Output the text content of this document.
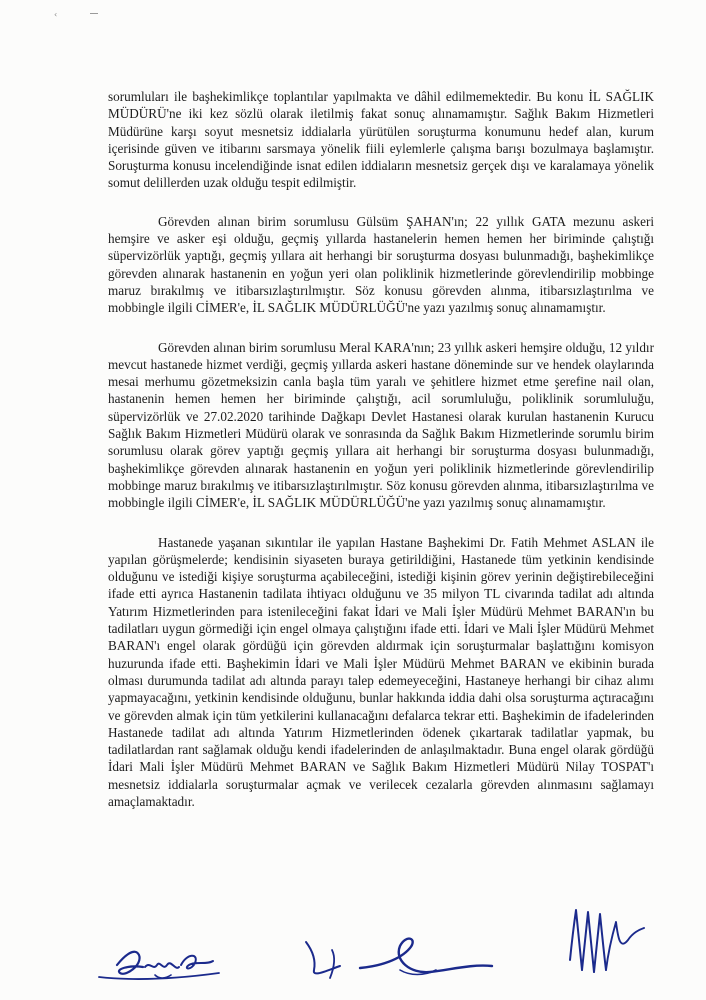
‹

sorumluları ile başhekimlikçe toplantılar yapılmakta ve dâhil edilmemektedir. Bu konu İL SAĞLIK MÜDÜRÜ'ne iki kez sözlü olarak iletilmiş fakat sonuç alınamamıştır. Sağlık Bakım Hizmetleri Müdürüne karşı soyut mesnetsiz iddialarla yürütülen soruşturma konumunu hedef alan, kurum içerisinde güven ve itibarını sarsmaya yönelik fiili eylemlerle çalışma barışı bozulmaya başlamıştır. Soruşturma konusu incelendiğinde isnat edilen iddiaların mesnetsiz gerçek dışı ve karalamaya yönelik somut delillerden uzak olduğu tespit edilmiştir.

Görevden alınan birim sorumlusu Gülsüm ŞAHAN'ın; 22 yıllık GATA mezunu askeri hemşire ve asker eşi olduğu, geçmiş yıllarda hastanelerin hemen hemen her biriminde çalıştığı süpervizörlük yaptığı, geçmiş yıllara ait herhangi bir soruşturma dosyası bulunmadığı, başhekimlikçe görevden alınarak hastanenin en yoğun yeri olan poliklinik hizmetlerinde görevlendirilip mobbinge maruz bırakılmış ve itibarsızlaştırılmıştır. Söz konusu görevden alınma, itibarsızlaştırılma ve mobbingle ilgili CİMER'e, İL SAĞLIK MÜDÜRLÜĞÜ'ne yazı yazılmış sonuç alınamamıştır.

Görevden alınan birim sorumlusu Meral KARA'nın; 23 yıllık askeri hemşire olduğu, 12 yıldır mevcut hastanede hizmet verdiği, geçmiş yıllarda askeri hastane döneminde sur ve hendek olaylarında mesai merhumu gözetmeksizin canla başla tüm yaralı ve şehitlere hizmet etme şerefine nail olan, hastanenin hemen hemen her biriminde çalıştığı, acil sorumluluğu, poliklinik sorumluluğu, süpervizörlük ve 27.02.2020 tarihinde Dağkapı Devlet Hastanesi olarak kurulan hastanenin Kurucu Sağlık Bakım Hizmetleri Müdürü olarak ve sonrasında da Sağlık Bakım Hizmetlerinde sorumlu birim sorumlusu olarak görev yaptığı geçmiş yıllara ait herhangi bir soruşturma dosyası bulunmadığı, başhekimlikçe görevden alınarak hastanenin en yoğun yeri poliklinik hizmetlerinde görevlendirilip mobbinge maruz bırakılmış ve itibarsızlaştırılmıştır. Söz konusu görevden alınma, itibarsızlaştırılma ve mobbingle ilgili CİMER'e, İL SAĞLIK MÜDÜRLÜĞÜ'ne yazı yazılmış sonuç alınamamıştır.

Hastanede yaşanan sıkıntılar ile yapılan Hastane Başhekimi Dr. Fatih Mehmet ASLAN ile yapılan görüşmelerde; kendisinin siyaseten buraya getirildiğini, Hastanede tüm yetkinin kendisinde olduğunu ve istediği kişiye soruşturma açabileceğini, istediği kişinin görev yerinin değiştirebileceğini ifade etti ayrıca Hastanenin tadilata ihtiyacı olduğunu ve 35 milyon TL civarında tadilat adı altında Yatırım Hizmetlerinden para istenileceğini fakat İdari ve Mali İşler Müdürü Mehmet BARAN'ın bu tadilatları uygun görmediği için engel olmaya çalıştığını ifade etti. İdari ve Mali İşler Müdürü Mehmet BARAN'ı engel olarak gördüğü için görevden aldırmak için soruşturmalar başlattığını komisyon huzurunda ifade etti. Başhekimin İdari ve Mali İşler Müdürü Mehmet BARAN ve ekibinin burada olması durumunda tadilat adı altında parayı talep edemeyeceğini, Hastaneye herhangi bir cihaz alımı yapmayacağını, yetkinin kendisinde olduğunu, bunlar hakkında iddia dahi olsa soruşturma açtıracağını ve görevden almak için tüm yetkilerini kullanacağını defalarca tekrar etti. Başhekimin de ifadelerinden Hastanede tadilat adı altında Yatırım Hizmetlerinden ödenek çıkartarak tadilatlar yapmak, bu tadilatlardan rant sağlamak olduğu kendi ifadelerinden de anlaşılmaktadır. Buna engel olarak gördüğü İdari Mali İşler Müdürü Mehmet BARAN ve Sağlık Bakım Hizmetleri Müdürü Nilay TOSPAT'ı mesnetsiz iddialarla soruşturmalar açmak ve verilecek cezalarla görevden alınmasını sağlamayı amaçlamaktadır.
